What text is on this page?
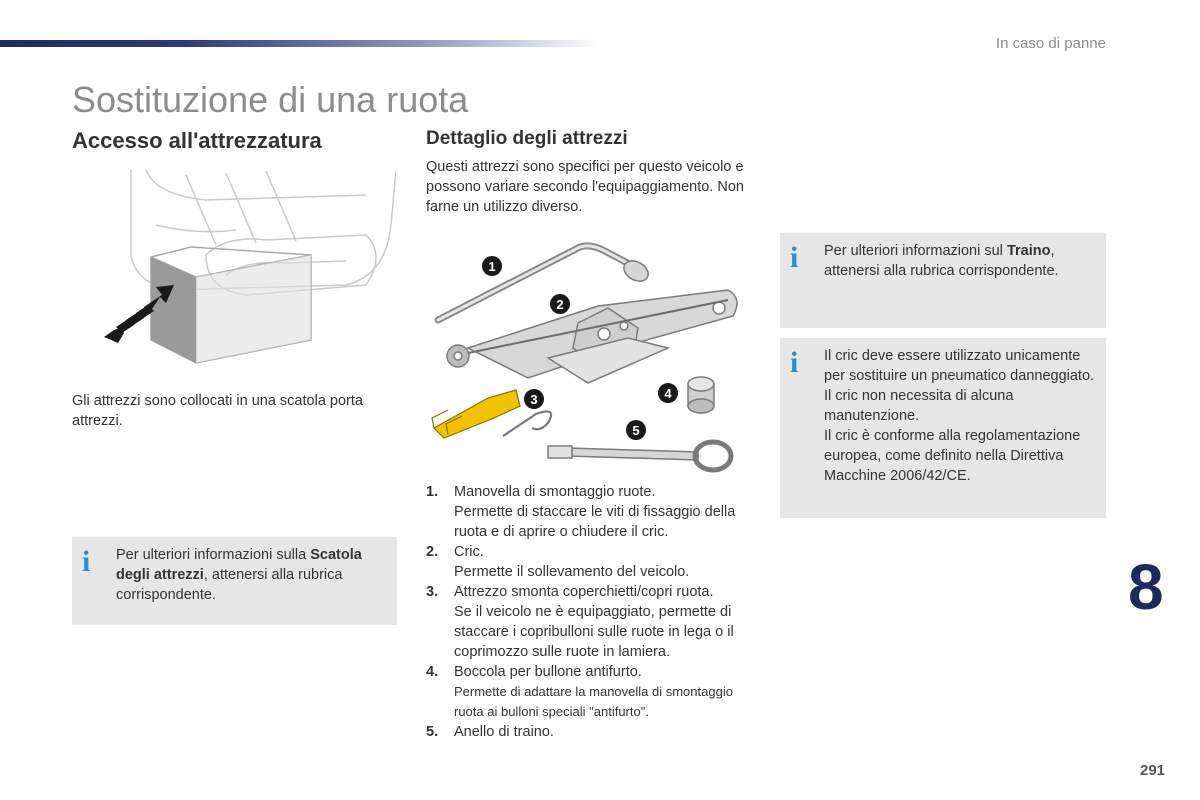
In caso di panne
Sostituzione di una ruota
Accesso all'attrezzatura

Gli attrezzi sono collocati in una scatola porta attrezzi.

i Per ulteriori informazioni sulla Scatola degli attrezzi, attenersi alla rubrica corrispondente.
Dettaglio degli attrezzi

Questi attrezzi sono specifici per questo veicolo e possono variare secondo l'equipaggiamento. Non farne un utilizzo diverso.

1
2
3	4
5
1. Manovella di smontaggio ruote.
Permette di staccare le viti di fissaggio della ruota e di aprire o chiudere il cric.
2. Cric.
Permette il sollevamento del veicolo.
3. Attrezzo smonta coperchietti/copri ruota.
Se il veicolo ne è equipaggiato, permette di staccare i copribulloni sulle ruote in lega o il coprimozzo sulle ruote in lamiera.
4. Boccola per bullone antifurto.
Permette di adattare la manovella di smontaggio ruota ai bulloni speciali "antifurto".
5. Anello di traino.
i Per ulteriori informazioni sul Traino, attenersi alla rubrica corrispondente.
i Il cric deve essere utilizzato unicamente per sostituire un pneumatico danneggiato.
Il cric non necessita di alcuna manutenzione.
Il cric è conforme alla regolamentazione europea, come definito nella Direttiva Macchine 2006/42/CE.
8
291
